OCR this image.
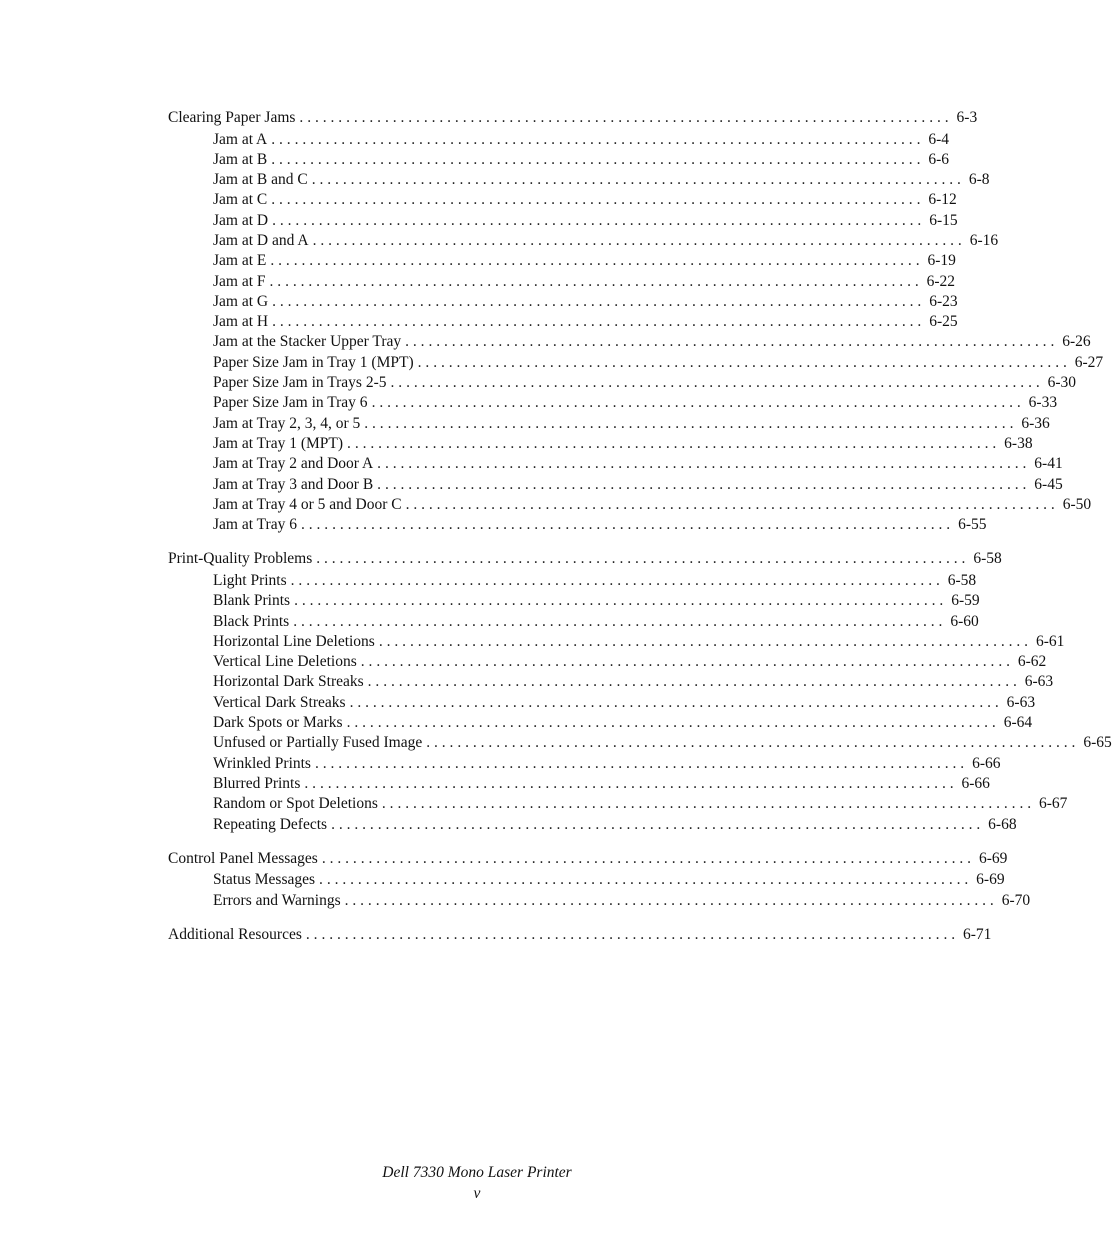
Clearing Paper Jams .................................................................................... 6-3
Jam at A .................................................................................... 6-4
Jam at B .................................................................................... 6-6
Jam at B and C .................................................................................... 6-8
Jam at C .................................................................................... 6-12
Jam at D .................................................................................... 6-15
Jam at D and A .................................................................................... 6-16
Jam at E .................................................................................... 6-19
Jam at F .................................................................................... 6-22
Jam at G .................................................................................... 6-23
Jam at H .................................................................................... 6-25
Jam at the Stacker Upper Tray .................................................................................... 6-26
Paper Size Jam in Tray 1 (MPT) .................................................................................... 6-27
Paper Size Jam in Trays 2-5 .................................................................................... 6-30
Paper Size Jam in Tray 6 .................................................................................... 6-33
Jam at Tray 2, 3, 4, or 5 .................................................................................... 6-36
Jam at Tray 1 (MPT) .................................................................................... 6-38
Jam at Tray 2 and Door A .................................................................................... 6-41
Jam at Tray 3 and Door B .................................................................................... 6-45
Jam at Tray 4 or 5 and Door C .................................................................................... 6-50
Jam at Tray 6 .................................................................................... 6-55
Print-Quality Problems .................................................................................... 6-58
Light Prints .................................................................................... 6-58
Blank Prints .................................................................................... 6-59
Black Prints .................................................................................... 6-60
Horizontal Line Deletions .................................................................................... 6-61
Vertical Line Deletions .................................................................................... 6-62
Horizontal Dark Streaks .................................................................................... 6-63
Vertical Dark Streaks .................................................................................... 6-63
Dark Spots or Marks .................................................................................... 6-64
Unfused or Partially Fused Image .................................................................................... 6-65
Wrinkled Prints .................................................................................... 6-66
Blurred Prints .................................................................................... 6-66
Random or Spot Deletions .................................................................................... 6-67
Repeating Defects .................................................................................... 6-68
Control Panel Messages .................................................................................... 6-69
Status Messages .................................................................................... 6-69
Errors and Warnings .................................................................................... 6-70
Additional Resources .................................................................................... 6-71
Dell 7330 Mono Laser Printer
v
